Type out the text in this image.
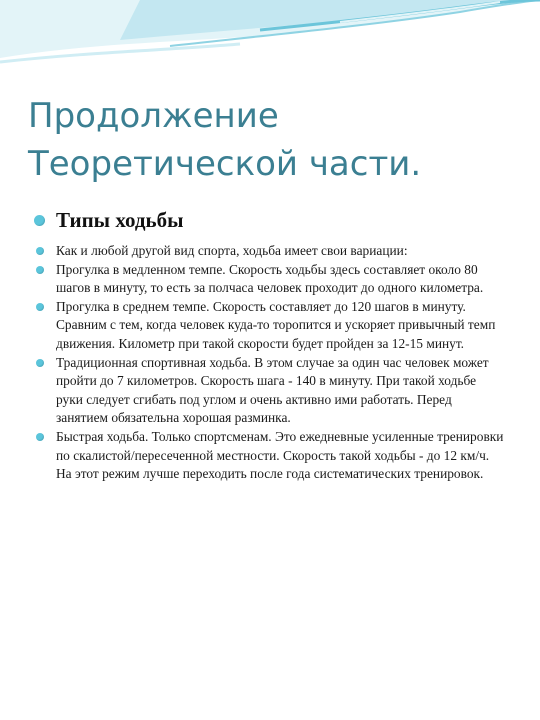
Продолжение
Теоретической части.
Типы ходьбы
Как и любой другой вид спорта, ходьба имеет свои вариации:
Прогулка в медленном темпе. Скорость ходьбы здесь составляет около 80 шагов в минуту, то есть за полчаса человек проходит до одного километра.
Прогулка в среднем темпе. Скорость составляет до 120 шагов в минуту. Сравним с тем, когда человек куда-то торопится и ускоряет привычный темп движения. Километр при такой скорости будет пройден за 12-15 минут.
Традиционная спортивная ходьба. В этом случае за один час человек может пройти до 7 километров. Скорость шага - 140 в минуту. При такой ходьбе руки следует сгибать под углом и очень активно ими работать. Перед занятием обязательна хорошая разминка.
Быстрая ходьба. Только спортсменам. Это ежедневные усиленные тренировки по скалистой/пересеченной местности. Скорость такой ходьбы - до 12 км/ч. На этот режим лучше переходить после года систематических тренировок.
